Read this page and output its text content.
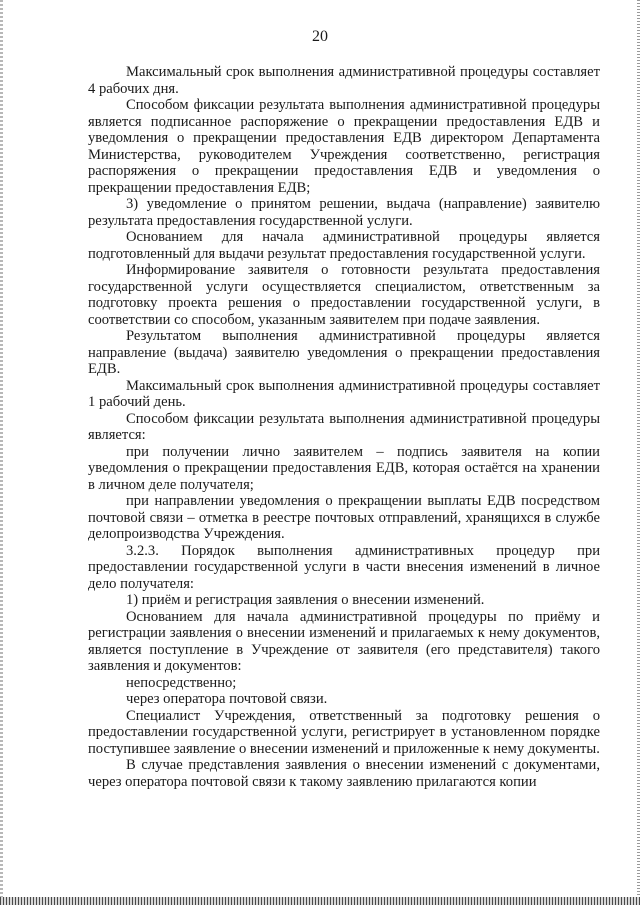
20

Максимальный срок выполнения административной процедуры составляет 4 рабочих дня.

Способом фиксации результата выполнения административной процедуры является подписанное распоряжение о прекращении предоставления ЕДВ и уведомления о прекращении предоставления ЕДВ директором Департамента Министерства, руководителем Учреждения соответственно, регистрация распоряжения о прекращении предоставления ЕДВ и уведомления о прекращении предоставления ЕДВ;

3) уведомление о принятом решении, выдача (направление) заявителю результата предоставления государственной услуги.

Основанием для начала административной процедуры является подготовленный для выдачи результат предоставления государственной услуги.

Информирование заявителя о готовности результата предоставления государственной услуги осуществляется специалистом, ответственным за подготовку проекта решения о предоставлении государственной услуги, в соответствии со способом, указанным заявителем при подаче заявления.

Результатом выполнения административной процедуры является направление (выдача) заявителю уведомления о прекращении предоставления ЕДВ.

Максимальный срок выполнения административной процедуры составляет 1 рабочий день.

Способом фиксации результата выполнения административной процедуры является:

при получении лично заявителем – подпись заявителя на копии уведомления о прекращении предоставления ЕДВ, которая остаётся на хранении в личном деле получателя;

при направлении уведомления о прекращении выплаты ЕДВ посредством почтовой связи – отметка в реестре почтовых отправлений, хранящихся в службе делопроизводства Учреждения.

3.2.3. Порядок выполнения административных процедур при предоставлении государственной услуги в части внесения изменений в личное дело получателя:

1) приём и регистрация заявления о внесении изменений.

Основанием для начала административной процедуры по приёму и регистрации заявления о внесении изменений и прилагаемых к нему документов, является поступление в Учреждение от заявителя (его представителя) такого заявления и документов:

непосредственно;

через оператора почтовой связи.

Специалист Учреждения, ответственный за подготовку решения о предоставлении государственной услуги, регистрирует в установленном порядке поступившее заявление о внесении изменений и приложенные к нему документы.

В случае представления заявления о внесении изменений с документами, через оператора почтовой связи к такому заявлению прилагаются копии
